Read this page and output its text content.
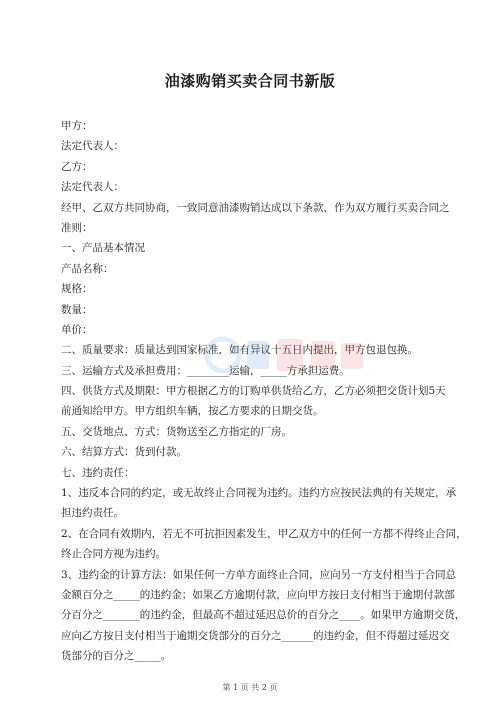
油漆购销买卖合同书新版
甲方：
法定代表人：
乙方：
法定代表人：
经甲、乙双方共同协商，一致同意油漆购销达成以下条款，作为双方履行买卖合同之
准则：
一、产品基本情况
产品名称：
规格：
数量：
单价：
二、质量要求：质量达到国家标准，如有异议十五日内提出，甲方包退包换。
三、运输方式及承担费用：________运输，_____方承担运费。
四、供货方式及期限：甲方根据乙方的订购单供货给乙方，乙方必须把交货计划5天
前通知给甲方。甲方组织车辆，按乙方要求的日期交货。
五、交货地点、方式：货物送至乙方指定的厂房。
六、结算方式：货到付款。
七、违约责任：
1、违反本合同的约定，或无故终止合同视为违约。违约方应按民法典的有关规定，承
担违约责任。
2、在合同有效期内，若无不可抗拒因素发生，甲乙双方中的任何一方都不得终止合同，
终止合同方视为违约。
3、违约金的计算方法：如果任何一方单方面终止合同，应向另一方支付相当于合同总
金额百分之_____的违约金；如果乙方逾期付款，应向甲方按日支付相当于逾期付款部
分百分之_______的违约金，但最高不超过延迟总价的百分之____。如果甲方逾期交货，
应向乙方按日支付相当于逾期交货部分的百分之______的违约金，但不得超过延迟交
货部分的百分之_____。
第 1 页 共 2 页
